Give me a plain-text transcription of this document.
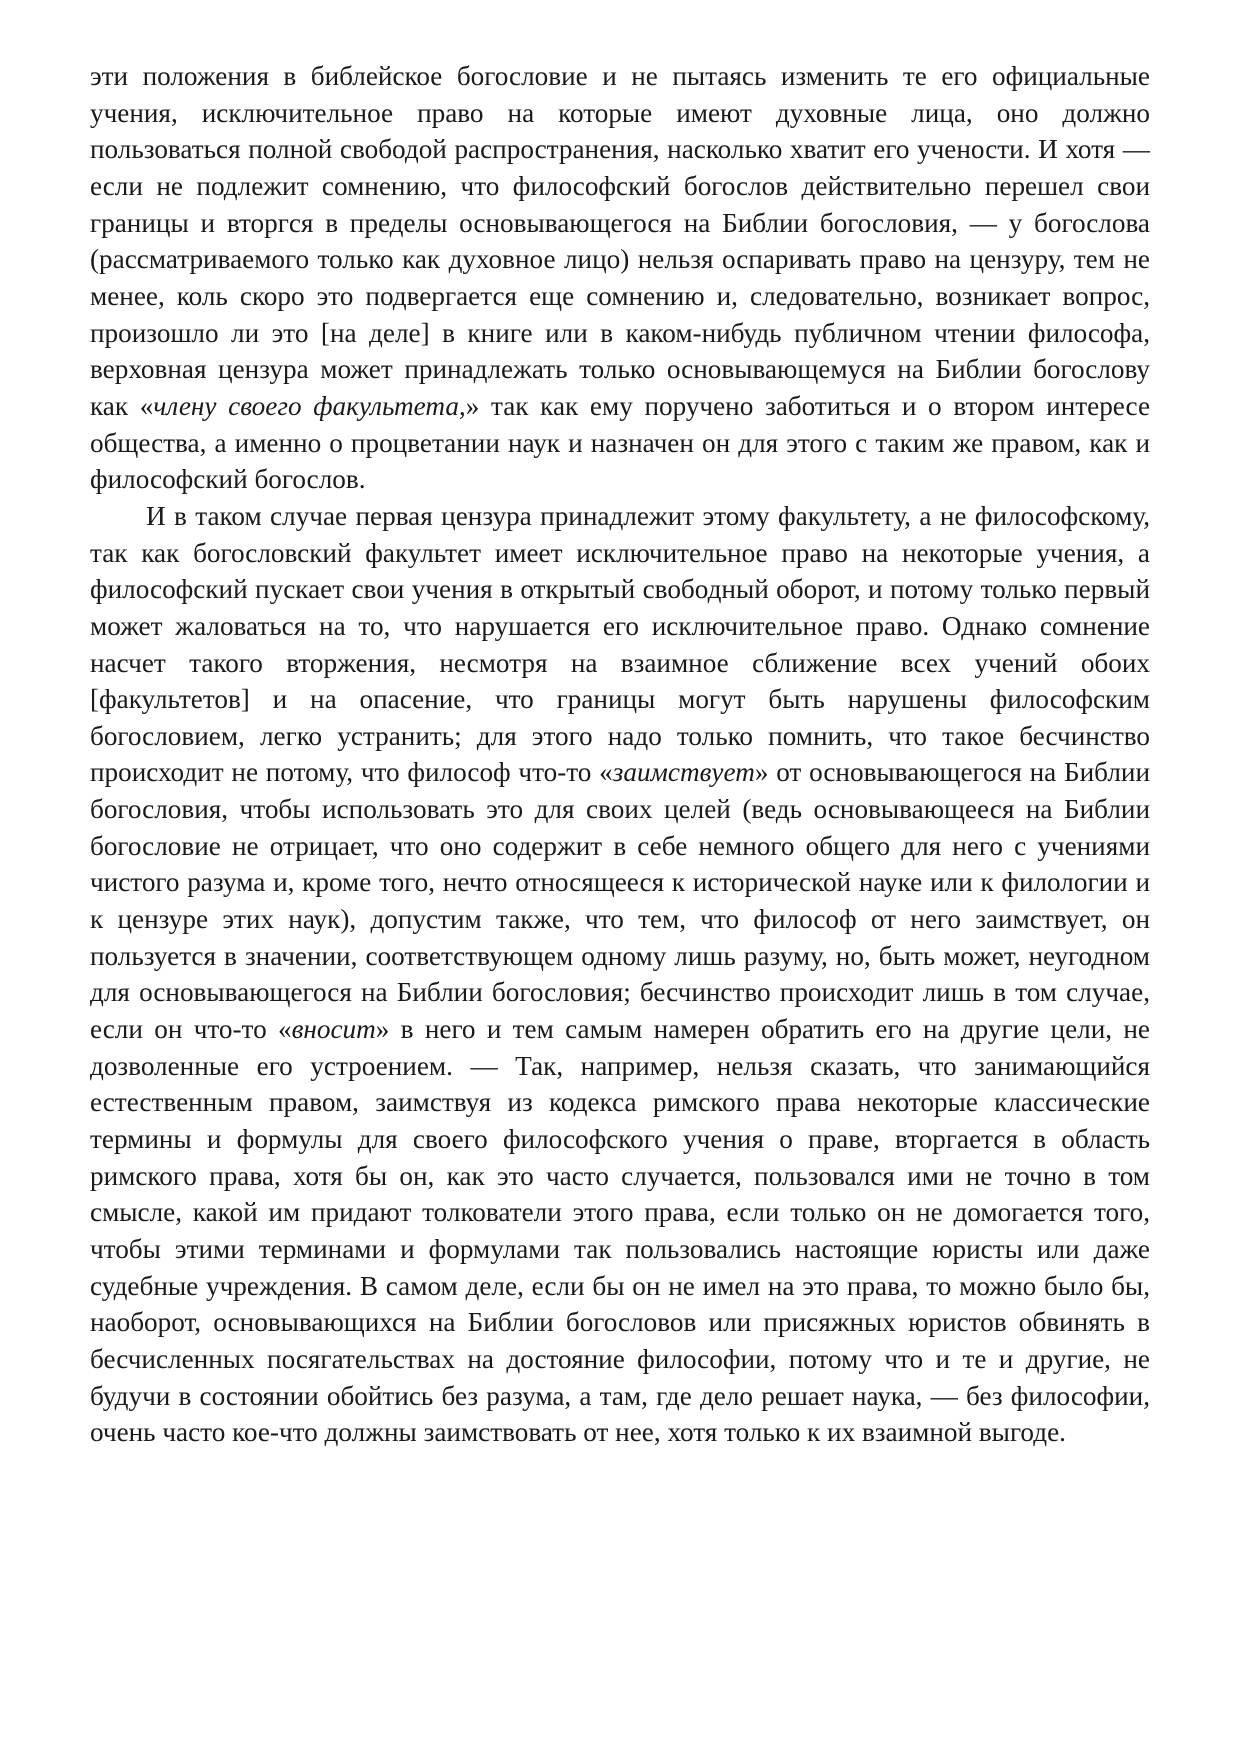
эти положения в библейское богословие и не пытаясь изменить те его официальные учения, исключительное право на которые имеют духовные лица, оно должно пользоваться полной свободой распространения, насколько хватит его учености. И хотя — если не подлежит сомнению, что философский богослов действительно перешел свои границы и вторгся в пределы основывающегося на Библии богословия, — у богослова (рассматриваемого только как духовное лицо) нельзя оспаривать право на цензуру, тем не менее, коль скоро это подвергается еще сомнению и, следовательно, возникает вопрос, произошло ли это [на деле] в книге или в каком-нибудь публичном чтении философа, верховная цензура может принадлежать только основывающемуся на Библии богослову как «члену своего факультета,» так как ему поручено заботиться и о втором интересе общества, а именно о процветании наук и назначен он для этого с таким же правом, как и философский богослов.

И в таком случае первая цензура принадлежит этому факультету, а не философскому, так как богословский факультет имеет исключительное право на некоторые учения, а философский пускает свои учения в открытый свободный оборот, и потому только первый может жаловаться на то, что нарушается его исключительное право. Однако сомнение насчет такого вторжения, несмотря на взаимное сближение всех учений обоих [факультетов] и на опасение, что границы могут быть нарушены философским богословием, легко устранить; для этого надо только помнить, что такое бесчинство происходит не потому, что философ что-то «заимствует» от основывающегося на Библии богословия, чтобы использовать это для своих целей (ведь основывающееся на Библии богословие не отрицает, что оно содержит в себе немного общего для него с учениями чистого разума и, кроме того, нечто относящееся к исторической науке или к филологии и к цензуре этих наук), допустим также, что тем, что философ от него заимствует, он пользуется в значении, соответствующем одному лишь разуму, но, быть может, неугодном для основывающегося на Библии богословия; бесчинство происходит лишь в том случае, если он что-то «вносит» в него и тем самым намерен обратить его на другие цели, не дозволенные его устроением. — Так, например, нельзя сказать, что занимающийся естественным правом, заимствуя из кодекса римского права некоторые классические термины и формулы для своего философского учения о праве, вторгается в область римского права, хотя бы он, как это часто случается, пользовался ими не точно в том смысле, какой им придают толкователи этого права, если только он не домогается того, чтобы этими терминами и формулами так пользовались настоящие юристы или даже судебные учреждения. В самом деле, если бы он не имел на это права, то можно было бы, наоборот, основывающихся на Библии богословов или присяжных юристов обвинять в бесчисленных посягательствах на достояние философии, потому что и те и другие, не будучи в состоянии обойтись без разума, а там, где дело решает наука, — без философии, очень часто кое-что должны заимствовать от нее, хотя только к их взаимной выгоде.
